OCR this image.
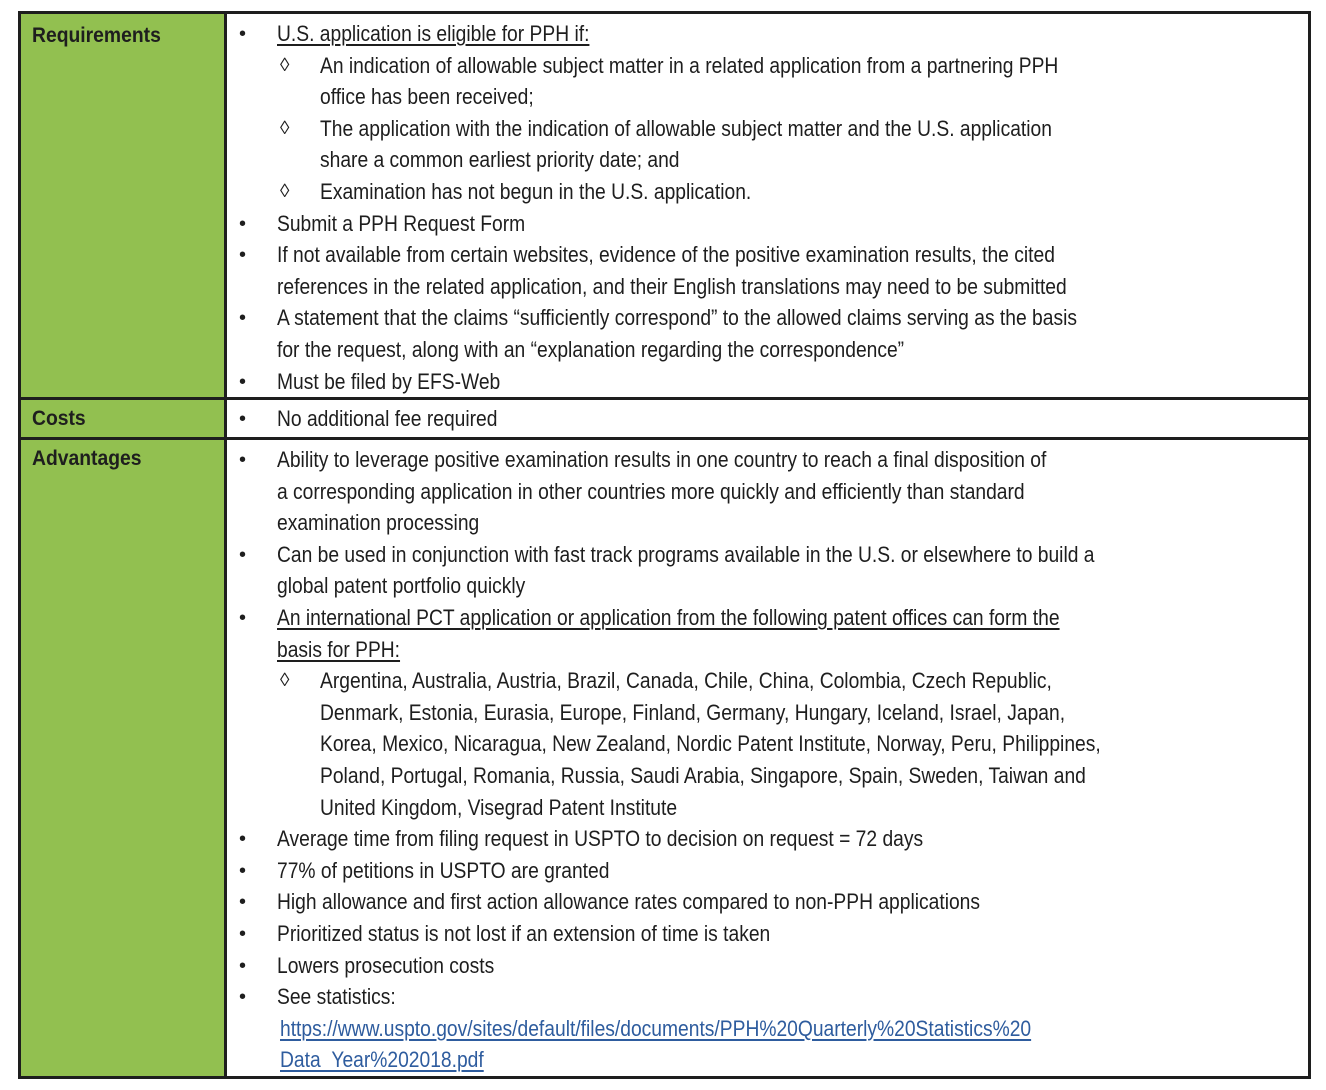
Requirements	• U.S. application is eligible for PPH if:
◊ An indication of allowable subject matter in a related application from a partnering PPH
office has been received;
◊ The application with the indication of allowable subject matter and the U.S. application
share a common earliest priority date; and
◊ Examination has not begun in the U.S. application.
• Submit a PPH Request Form
• If not available from certain websites, evidence of the positive examination results, the cited
references in the related application, and their English translations may need to be submitted
• A statement that the claims “sufficiently correspond” to the allowed claims serving as the basis
for the request, along with an “explanation regarding the correspondence”
• Must be filed by EFS-Web
Costs	• No additional fee required
Advantages	• Ability to leverage positive examination results in one country to reach a final disposition of
a corresponding application in other countries more quickly and efficiently than standard
examination processing
• Can be used in conjunction with fast track programs available in the U.S. or elsewhere to build a
global patent portfolio quickly
• An international PCT application or application from the following patent offices can form the
basis for PPH:
◊ Argentina, Australia, Austria, Brazil, Canada, Chile, China, Colombia, Czech Republic,
Denmark, Estonia, Eurasia, Europe, Finland, Germany, Hungary, Iceland, Israel, Japan,
Korea, Mexico, Nicaragua, New Zealand, Nordic Patent Institute, Norway, Peru, Philippines,
Poland, Portugal, Romania, Russia, Saudi Arabia, Singapore, Spain, Sweden, Taiwan and
United Kingdom, Visegrad Patent Institute
• Average time from filing request in USPTO to decision on request = 72 days
• 77% of petitions in USPTO are granted
• High allowance and first action allowance rates compared to non-PPH applications
• Prioritized status is not lost if an extension of time is taken
• Lowers prosecution costs
• See statistics:
https://www.uspto.gov/sites/default/files/documents/PPH%20Quarterly%20Statistics%20
Data_Year%202018.pdf
